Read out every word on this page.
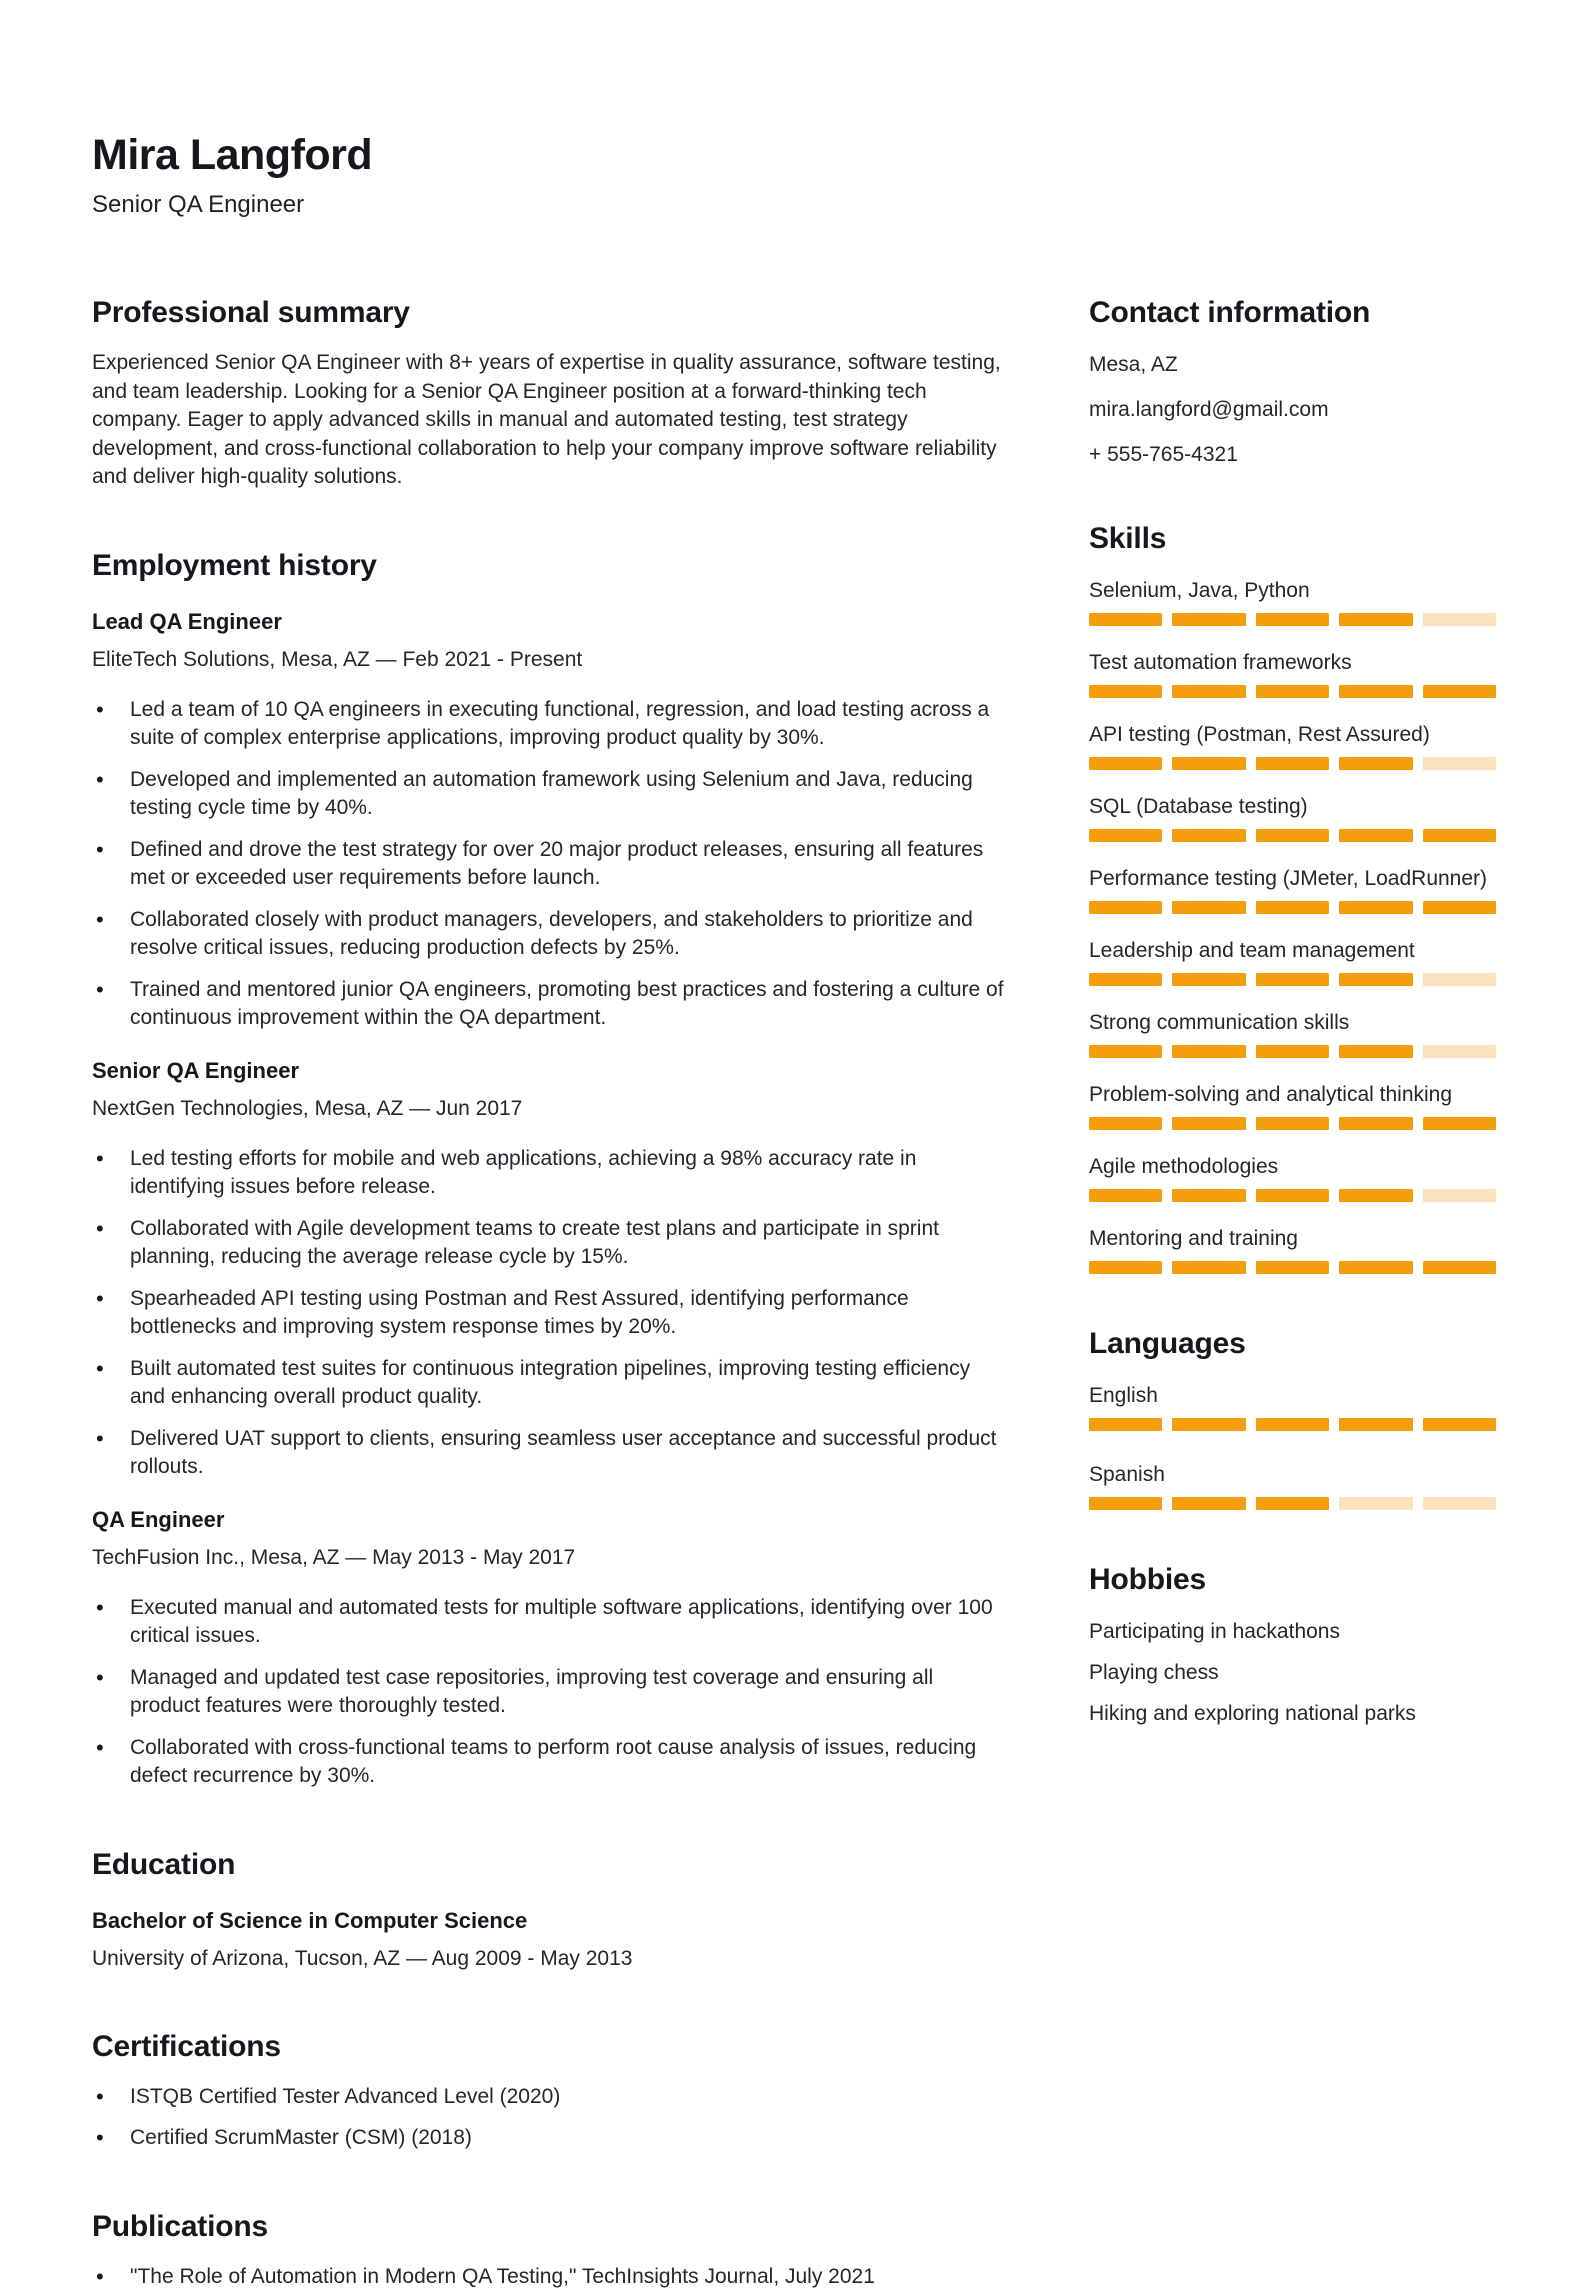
Mira Langford
Senior QA Engineer
Professional summary
Experienced Senior QA Engineer with 8+ years of expertise in quality assurance, software testing, and team leadership. Looking for a Senior QA Engineer position at a forward-thinking tech company. Eager to apply advanced skills in manual and automated testing, test strategy development, and cross-functional collaboration to help your company improve software reliability and deliver high-quality solutions.
Employment history
Lead QA Engineer
EliteTech Solutions, Mesa, AZ — Feb 2021 - Present
• Led a team of 10 QA engineers in executing functional, regression, and load testing across a suite of complex enterprise applications, improving product quality by 30%.
• Developed and implemented an automation framework using Selenium and Java, reducing testing cycle time by 40%.
• Defined and drove the test strategy for over 20 major product releases, ensuring all features met or exceeded user requirements before launch.
• Collaborated closely with product managers, developers, and stakeholders to prioritize and resolve critical issues, reducing production defects by 25%.
• Trained and mentored junior QA engineers, promoting best practices and fostering a culture of continuous improvement within the QA department.
Senior QA Engineer
NextGen Technologies, Mesa, AZ — Jun 2017
• Led testing efforts for mobile and web applications, achieving a 98% accuracy rate in identifying issues before release.
• Collaborated with Agile development teams to create test plans and participate in sprint planning, reducing the average release cycle by 15%.
• Spearheaded API testing using Postman and Rest Assured, identifying performance bottlenecks and improving system response times by 20%.
• Built automated test suites for continuous integration pipelines, improving testing efficiency and enhancing overall product quality.
• Delivered UAT support to clients, ensuring seamless user acceptance and successful product rollouts.
QA Engineer
TechFusion Inc., Mesa, AZ — May 2013 - May 2017
• Executed manual and automated tests for multiple software applications, identifying over 100 critical issues.
• Managed and updated test case repositories, improving test coverage and ensuring all product features were thoroughly tested.
• Collaborated with cross-functional teams to perform root cause analysis of issues, reducing defect recurrence by 30%.
Education
Bachelor of Science in Computer Science
University of Arizona, Tucson, AZ — Aug 2009 - May 2013
Certifications
• ISTQB Certified Tester Advanced Level (2020)
• Certified ScrumMaster (CSM) (2018)
Publications
• "The Role of Automation in Modern QA Testing," TechInsights Journal, July 2021
Contact information
Mesa, AZ
mira.langford@gmail.com
+ 555-765-4321
Skills
Selenium, Java, Python
Test automation frameworks
API testing (Postman, Rest Assured)
SQL (Database testing)
Performance testing (JMeter, LoadRunner)
Leadership and team management
Strong communication skills
Problem-solving and analytical thinking
Agile methodologies
Mentoring and training
Languages
English
Spanish
Hobbies
Participating in hackathons
Playing chess
Hiking and exploring national parks
